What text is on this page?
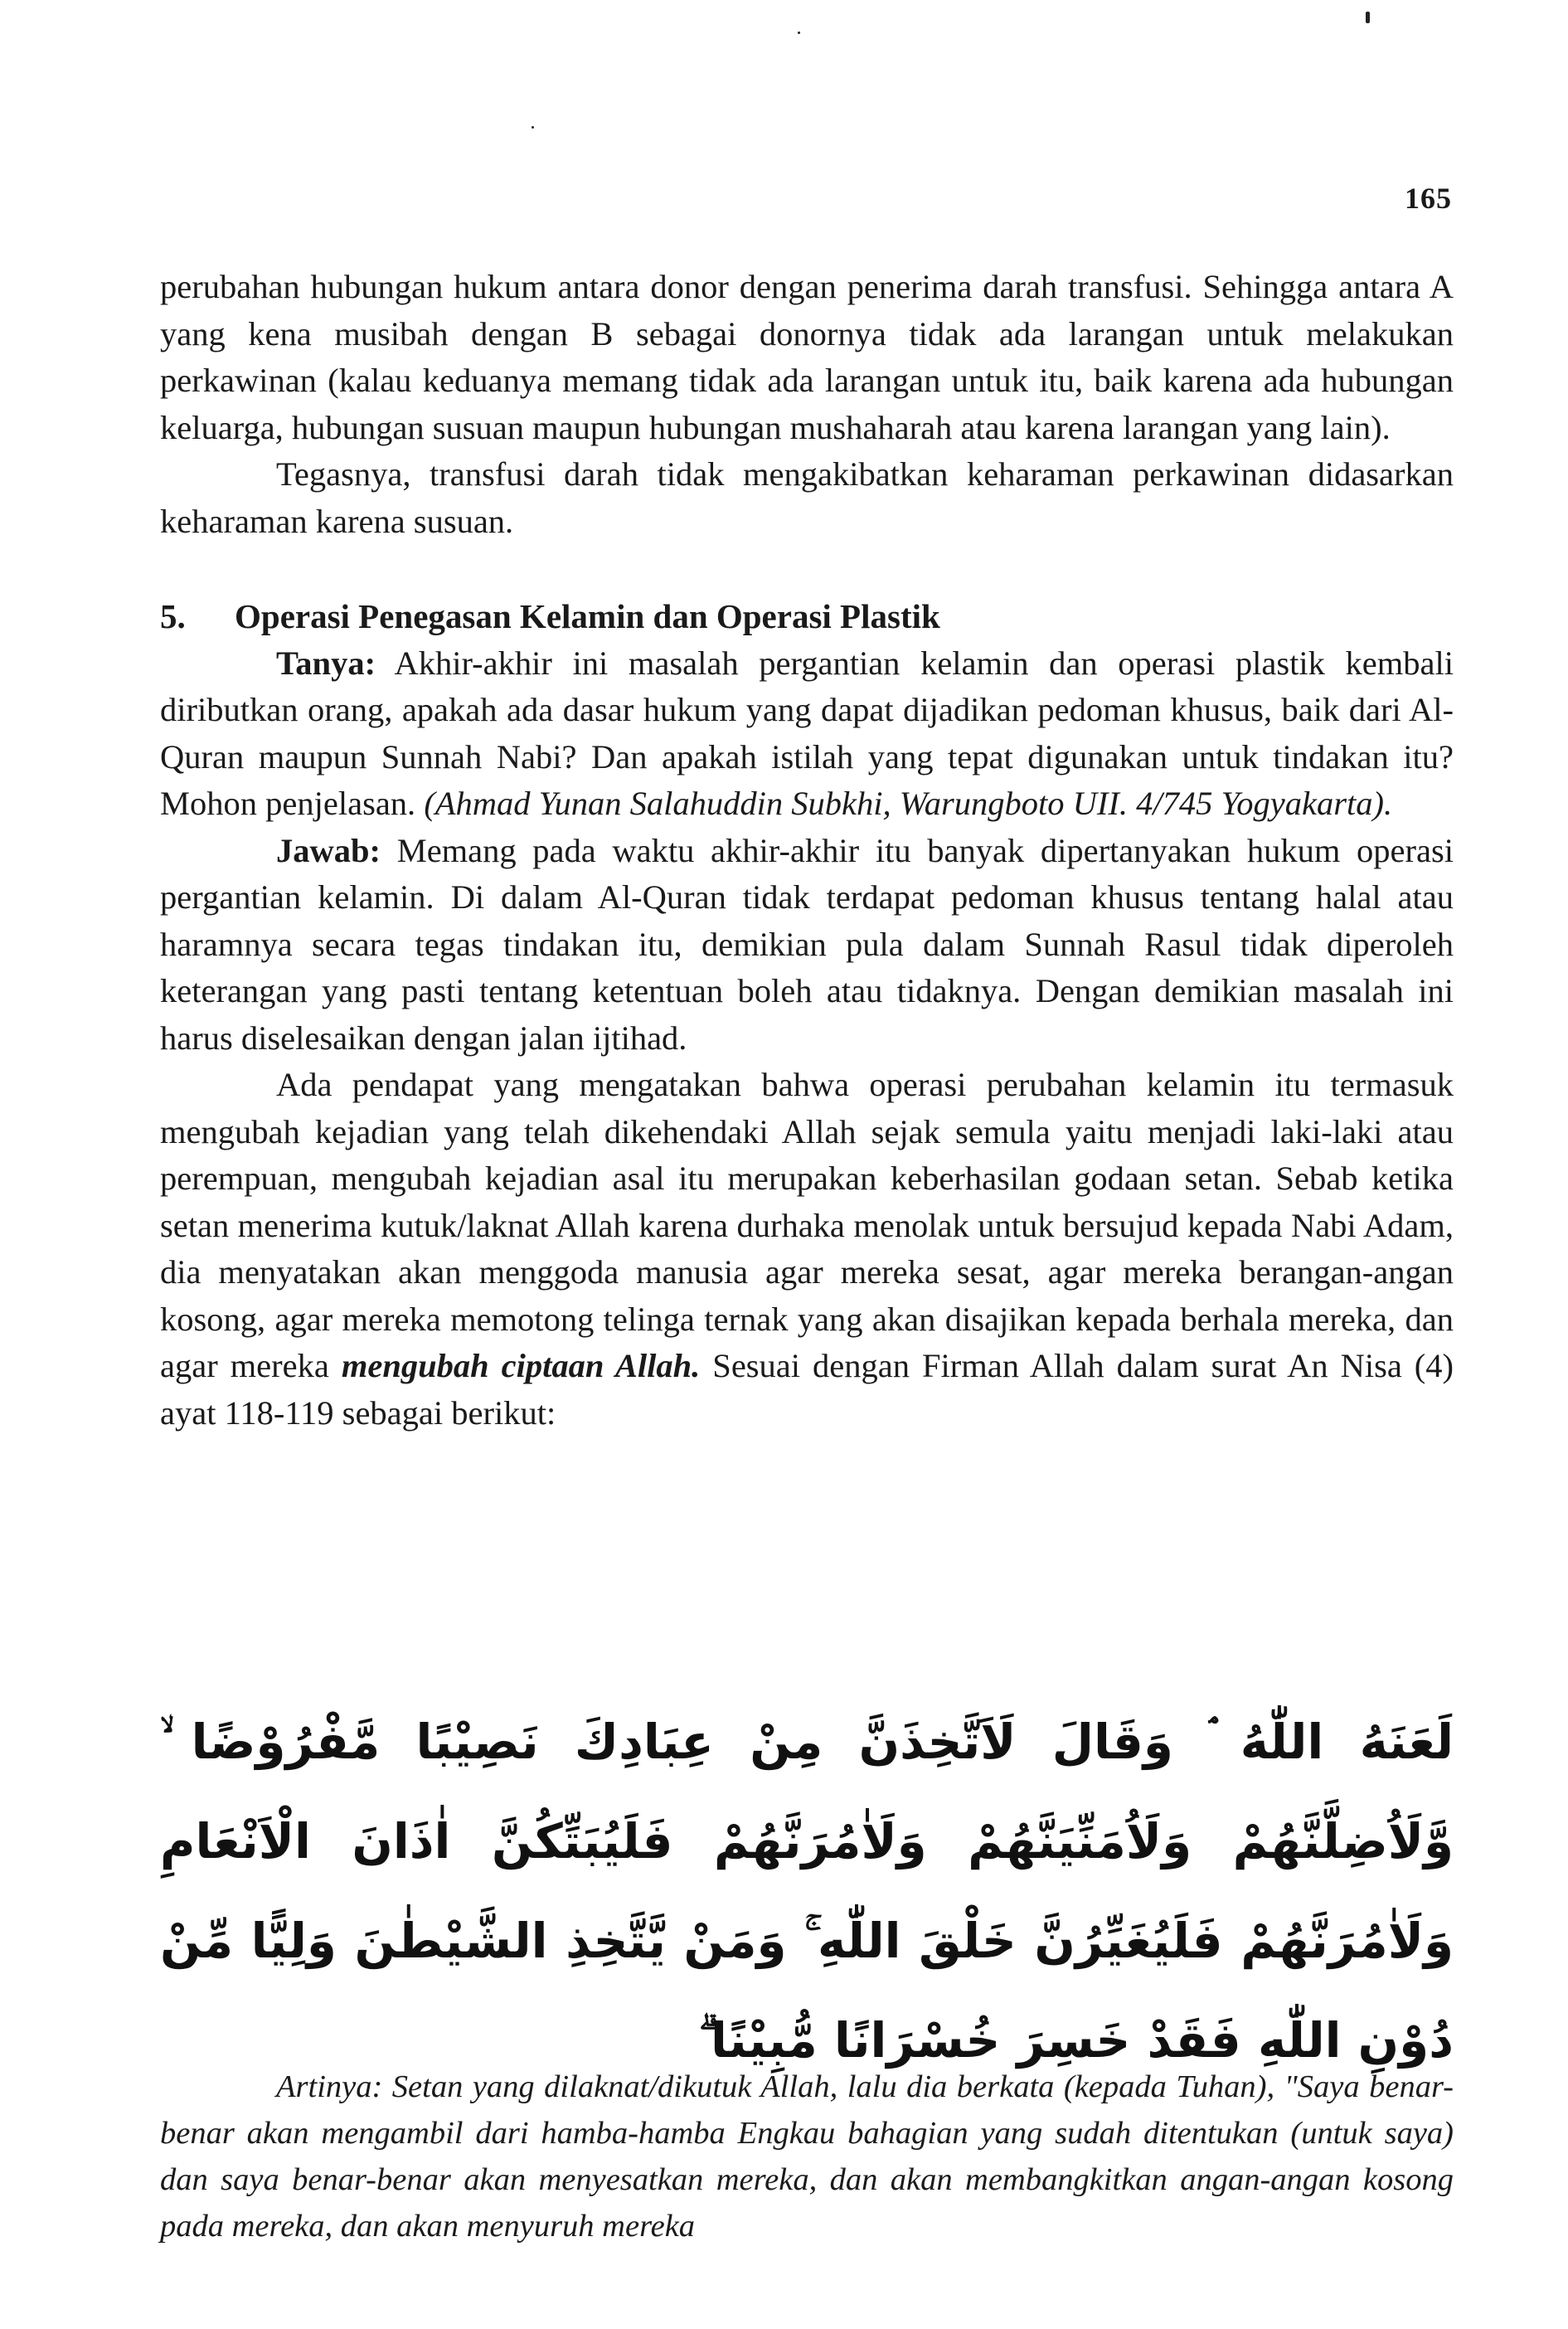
165

perubahan hubungan hukum antara donor dengan penerima darah transfusi. Sehingga antara A yang kena musibah dengan B sebagai donornya tidak ada larangan untuk melakukan perkawinan (kalau keduanya memang tidak ada larangan untuk itu, baik karena ada hubungan keluarga, hubungan susuan maupun hubungan mushaharah atau karena larangan yang lain).

Tegasnya, transfusi darah tidak mengakibatkan keharaman perkawinan didasarkan keharaman karena susuan.

5.	Operasi Penegasan Kelamin dan Operasi Plastik

Tanya: Akhir-akhir ini masalah pergantian kelamin dan operasi plastik kembali diributkan orang, apakah ada dasar hukum yang dapat dijadikan pedoman khusus, baik dari Al-Quran maupun Sunnah Nabi? Dan apakah istilah yang tepat digunakan untuk tindakan itu? Mohon penjelasan. (Ahmad Yunan Salahuddin Subkhi, Warungboto UII. 4/745 Yogyakarta).

Jawab: Memang pada waktu akhir-akhir itu banyak dipertanyakan hukum operasi pergantian kelamin. Di dalam Al-Quran tidak terdapat pedoman khusus tentang halal atau haramnya secara tegas tindakan itu, demikian pula dalam Sunnah Rasul tidak diperoleh keterangan yang pasti tentang ketentuan boleh atau tidaknya. Dengan demikian masalah ini harus diselesaikan dengan jalan ijtihad.

Ada pendapat yang mengatakan bahwa operasi perubahan kelamin itu termasuk mengubah kejadian yang telah dikehendaki Allah sejak semula yaitu menjadi laki-laki atau perempuan, mengubah kejadian asal itu merupakan keberhasilan godaan setan. Sebab ketika setan menerima kutuk/laknat Allah karena durhaka menolak untuk bersujud kepada Nabi Adam, dia menyatakan akan menggoda manusia agar mereka sesat, agar mereka berangan-angan kosong, agar mereka memotong telinga ternak yang akan disajikan kepada berhala mereka, dan agar mereka mengubah ciptaan Allah. Sesuai dengan Firman Allah dalam surat An Nisa (4) ayat 118-119 sebagai berikut:

لَعَنَهُ اللّٰهُ ۘ وَقَالَ لَاَتَّخِذَنَّ مِنْ عِبَادِكَ نَصِيْبًا مَّفْرُوْضًا ۙ وَّلَاُضِلَّنَّهُمْ وَلَاُمَنِّيَنَّهُمْ وَلَاٰمُرَنَّهُمْ فَلَيُبَتِّكُنَّ اٰذَانَ الْاَنْعَامِ وَلَاٰمُرَنَّهُمْ فَلَيُغَيِّرُنَّ خَلْقَ اللّٰهِ ۚ وَمَنْ يَّتَّخِذِ الشَّيْطٰنَ وَلِيًّا مِّنْ دُوْنِ اللّٰهِ فَقَدْ خَسِرَ خُسْرَانًا مُّبِيْنًا ۗ

Artinya: Setan yang dilaknat/dikutuk Allah, lalu dia berkata (kepada Tuhan), "Saya benar-benar akan mengambil dari hamba-hamba Engkau bahagian yang sudah ditentukan (untuk saya) dan saya benar-benar akan menyesatkan mereka, dan akan membangkitkan angan-angan kosong pada mereka, dan akan menyuruh mereka
